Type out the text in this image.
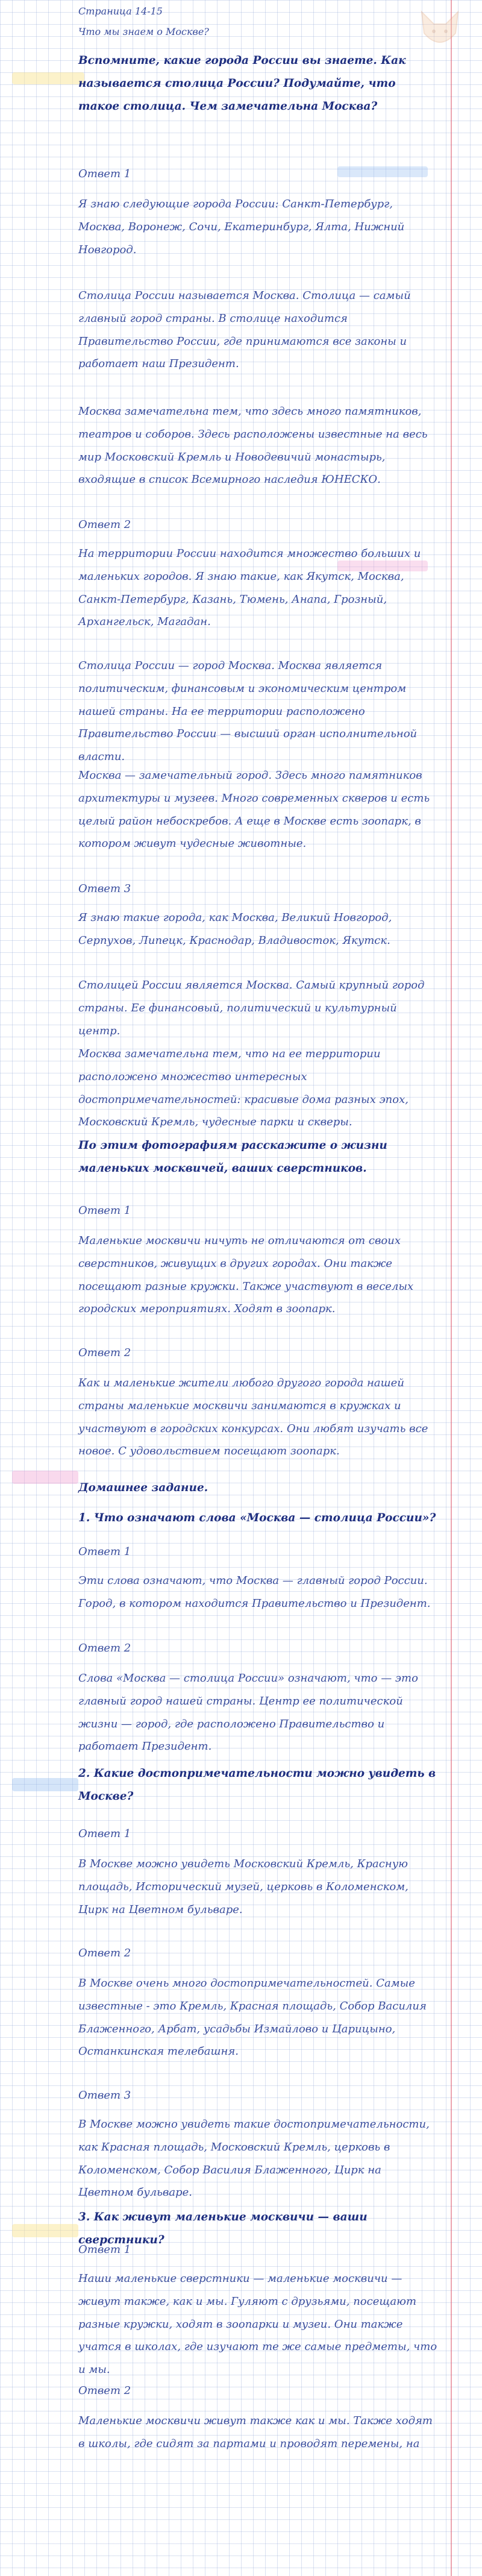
Страница 14-15

Что мы знаем о Москве?

Вспомните, какие города России вы знаете. Как называется столица России? Подумайте, что такое столица. Чем замечательна Москва?

Ответ 1

Я знаю следующие города России: Санкт-Петербург, Москва, Воронеж, Сочи, Екатеринбург, Ялта, Нижний Новгород.

Столица России называется Москва. Столица — самый главный город страны. В столице находится Правительство России, где принимаются все законы и работает наш Президент.

Москва замечательна тем, что здесь много памятников, театров и соборов. Здесь расположены известные на весь мир Московский Кремль и Новодевичий монастырь, входящие в список Всемирного наследия ЮНЕСКО.

Ответ 2

На территории России находится множество больших и маленьких городов. Я знаю такие, как Якутск, Москва, Санкт-Петербург, Казань, Тюмень, Анапа, Грозный, Архангельск, Магадан.

Столица России — город Москва. Москва является политическим, финансовым и экономическим центром нашей страны. На ее территории расположено Правительство России — высший орган исполнительной власти.

Москва — замечательный город. Здесь много памятников архитектуры и музеев. Много современных скверов и есть целый район небоскребов. А еще в Москве есть зоопарк, в котором живут чудесные животные.

Ответ 3

Я знаю такие города, как Москва, Великий Новгород, Серпухов, Липецк, Краснодар, Владивосток, Якутск.

Столицей России является Москва. Самый крупный город страны. Ее финансовый, политический и культурный центр.

Москва замечательна тем, что на ее территории расположено множество интересных достопримечательностей: красивые дома разных эпох, Московский Кремль, чудесные парки и скверы.

По этим фотографиям расскажите о жизни маленьких москвичей, ваших сверстников.

Ответ 1

Маленькие москвичи ничуть не отличаются от своих сверстников, живущих в других городах. Они также посещают разные кружки. Также участвуют в веселых городских мероприятиях. Ходят в зоопарк.

Ответ 2

Как и маленькие жители любого другого города нашей страны маленькие москвичи занимаются в кружках и участвуют в городских конкурсах. Они любят изучать все новое. С удовольствием посещают зоопарк.

Домашнее задание.

1. Что означают слова «Москва — столица России»?

Ответ 1

Эти слова означают, что Москва — главный город России. Город, в котором находится Правительство и Президент.

Ответ 2

Слова «Москва — столица России» означают, что — это главный город нашей страны. Центр ее политической жизни — город, где расположено Правительство и работает Президент.

2. Какие достопримечательности можно увидеть в Москве?

Ответ 1

В Москве можно увидеть Московский Кремль, Красную площадь, Исторический музей, церковь в Коломенском, Цирк на Цветном бульваре.

Ответ 2

В Москве очень много достопримечательностей. Самые известные - это Кремль, Красная площадь, Собор Василия Блаженного, Арбат, усадьбы Измайлово и Царицыно, Останкинская телебашня.

Ответ 3

В Москве можно увидеть такие достопримечательности, как Красная площадь, Московский Кремль, церковь в Коломенском, Собор Василия Блаженного, Цирк на Цветном бульваре.

3. Как живут маленькие москвичи — ваши сверстники?

Ответ 1

Наши маленькие сверстники — маленькие москвичи — живут также, как и мы. Гуляют с друзьями, посещают разные кружки, ходят в зоопарки и музеи. Они также учатся в школах, где изучают те же самые предметы, что и мы.

Ответ 2

Маленькие москвичи живут также как и мы. Также ходят в школы, где сидят за партами и проводят перемены, на
